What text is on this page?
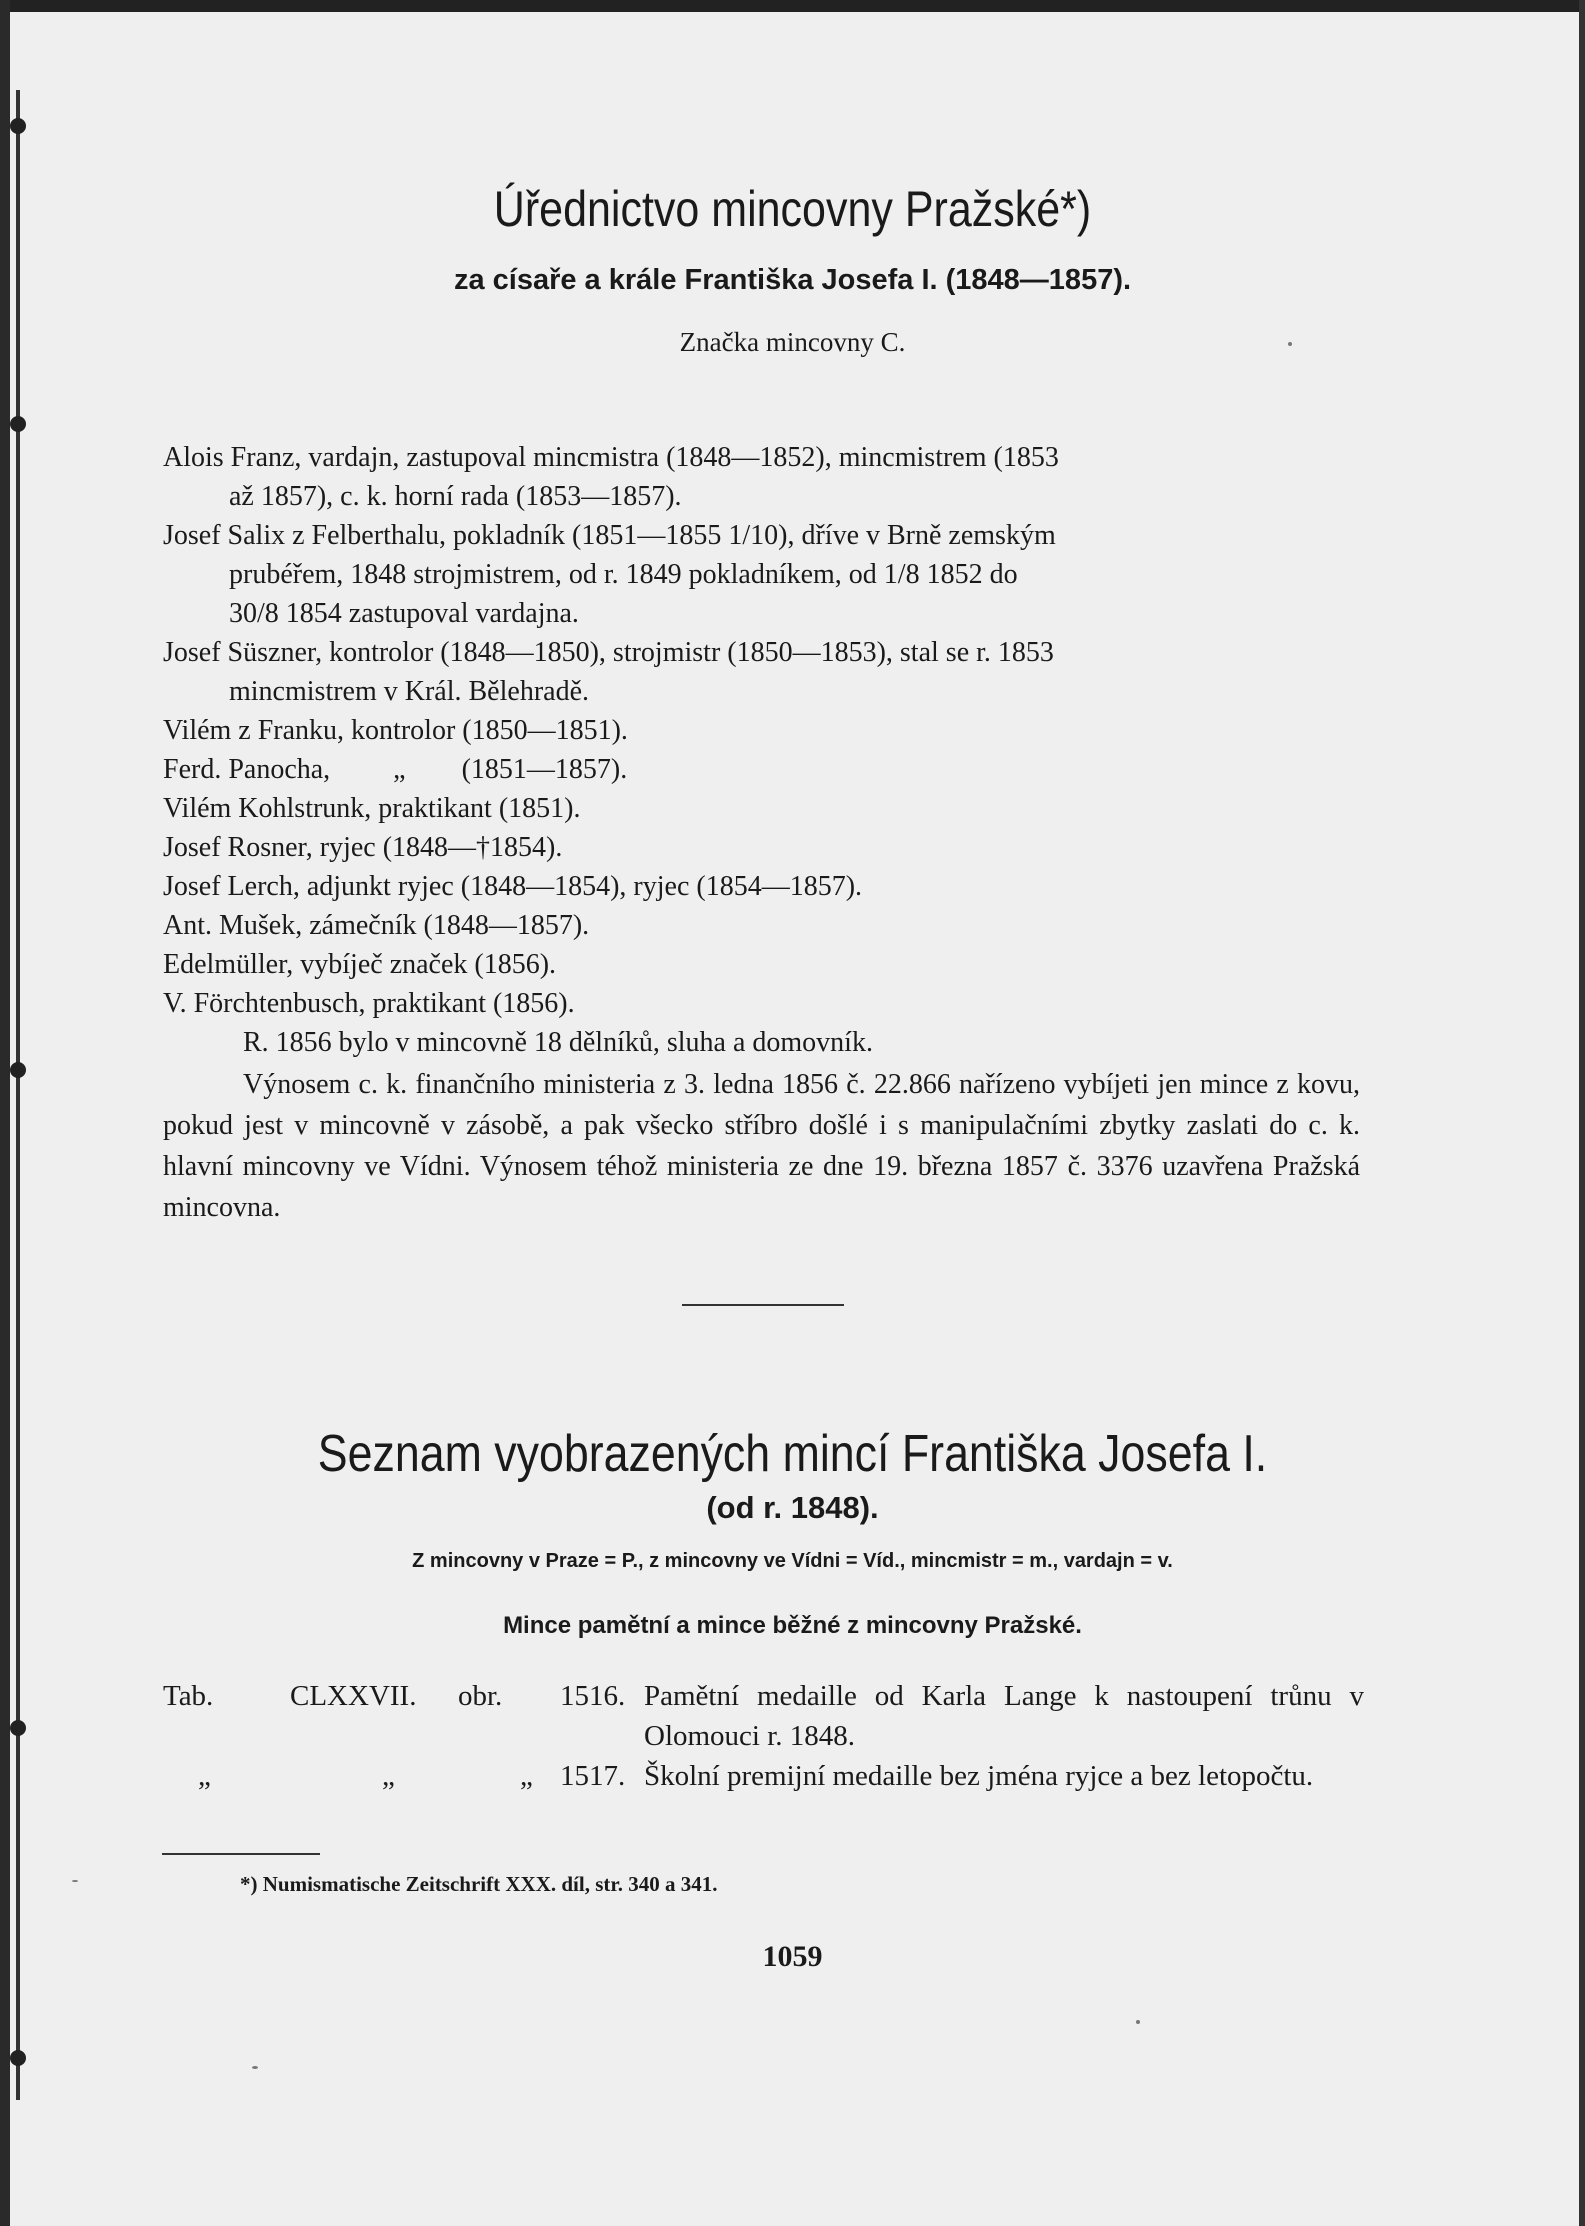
Úřednictvo mincovny Pražské*)
za císaře a krále Františka Josefa I. (1848—1857).
Značka mincovny C.
Alois Franz, vardajn, zastupoval mincmistra (1848—1852), mincmistrem (1853
až 1857), c. k. horní rada (1853—1857).
Josef Salix z Felberthalu, pokladník (1851—1855 1/10), dříve v Brně zemským
prubéřem, 1848 strojmistrem, od r. 1849 pokladníkem, od 1/8 1852 do
30/8 1854 zastupoval vardajna.
Josef Süszner, kontrolor (1848—1850), strojmistr (1850—1853), stal se r. 1853
mincmistrem v Král. Bělehradě.
Vilém z Franku, kontrolor (1850—1851).
Ferd. Panocha,         „        (1851—1857).
Vilém Kohlstrunk, praktikant (1851).
Josef Rosner, ryjec (1848—†1854).
Josef Lerch, adjunkt ryjec (1848—1854), ryjec (1854—1857).
Ant. Mušek, zámečník (1848—1857).
Edelmüller, vybíječ značek (1856).
V. Förchtenbusch, praktikant (1856).
R. 1856 bylo v mincovně 18 dělníků, sluha a domovník.
Výnosem c. k. finančního ministeria z 3. ledna 1856 č. 22.866 nařízeno vybíjeti jen mince z kovu, pokud jest v mincovně v zásobě, a pak všecko stříbro došlé i s manipulačními zbytky zaslati do c. k. hlavní mincovny ve Vídni. Výnosem téhož ministeria ze dne 19. března 1857 č. 3376 uzavřena Pražská mincovna.
Seznam vyobrazených mincí Františka Josefa I.
(od r. 1848).
Z mincovny v Praze = P., z mincovny ve Vídni = Víd., mincmistr = m., vardajn = v.
Mince pamětní a mince běžné z mincovny Pražské.
Tab.	CLXXVII. obr. 1516. Pamětní medaille od Karla Lange k nastoupení trůnu v Olomouci r. 1848.
„	„	„ 1517. Školní premijní medaille bez jména ryjce a bez letopočtu.
*) Numismatische Zeitschrift XXX. díl, str. 340 a 341.
1059
